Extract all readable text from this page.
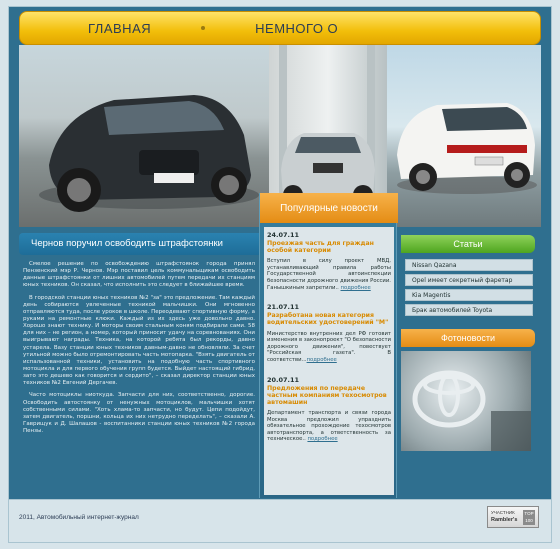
ГЛАВНАЯ	НЕМНОГО О
Популярные новости
24.07.11
Проезжая часть для граждан особой категории
Вступил в силу проект МВД, устанавливающий правила работы Государственной автоинспекции безопасности дорожного движения России. Ганышкиным запретили.. подробнее
21.07.11
Разработана новая категория водительских удостоверений "М"
Министерство внутренних дел РФ готовит изменения в законопроект "О безопасности дорожного движения", повествует "Российская газета". В соответстви...подробнее
20.07.11
Предложения по передаче частным компаниям техосмотров автомашин
Департамент транспорта и связи города Москва предложил упразднить обязательное прохождение техосмотров автотранспорта, а ответственность за техническое.. подробнее
Чернов поручил освободить штрафстоянки

Смелое решение по освобождению штрафстоянок города принял Пензенский мэр Р. Чернов. Мэр поставил цель коммунальщикам освободить данные штрафстоянки от лишних автомобилей путем передачи их станциям юных техников. Он сказал, что исполнить это следует в ближайшее время.

В городской станции юных техников №2 "за" это предложение. Там каждый день собираются увлеченные техникой мальчишки. Они мгновенно отправляются туда, после уроков в школе. Переодевают спортивную форму, а руками на ремонтные клюки. Каждый из их здесь уже довольно давно. Хорошо знают технику. И моторы своим стальным коням подбирали сами. 58 для них – не регион, а номер, который приносит удачу на соревнованиях. Они выигрывают награды. Техника, на которой ребята был рекорды, давно устарела. Вазу станции юных техников давным-давно не обновляли. За счет утильной можно было отремонтировать часть мотопарка. "Взять двигатель от испальзованной техники, установить на подобную часть спортивного мотоцикла и для первого обучения групп будется. Выйдет настоящий гибрид, зато это дешево как говорится и сердито", – сказал директор станции юных техников №2 Евгений Дергачев.

Часто мотоциклы ниоткуда. Запчасти для них, соответственно, дорогие. Освободить автостоянку от ненужных мотоциклов, мальчишки хотят собственными силами. "Хоть хлама-то запчасти, но будут. Цепи подойдут, затем двигатель, поршни, кольца их них нетрудно переделать", – сказали А. Гаврищук и Д. Шалашов - воспитанники станции юных техников №2 города Пензы.

Статьи
Nissan Qazana
Opel имеет секретный фаретар
Kia Magentis
Брак автомобилей Toyota
Фотоновости
2011, Автомобильный интернет-журнал
УЧАСТНИК
Rambler's
TOP 100
